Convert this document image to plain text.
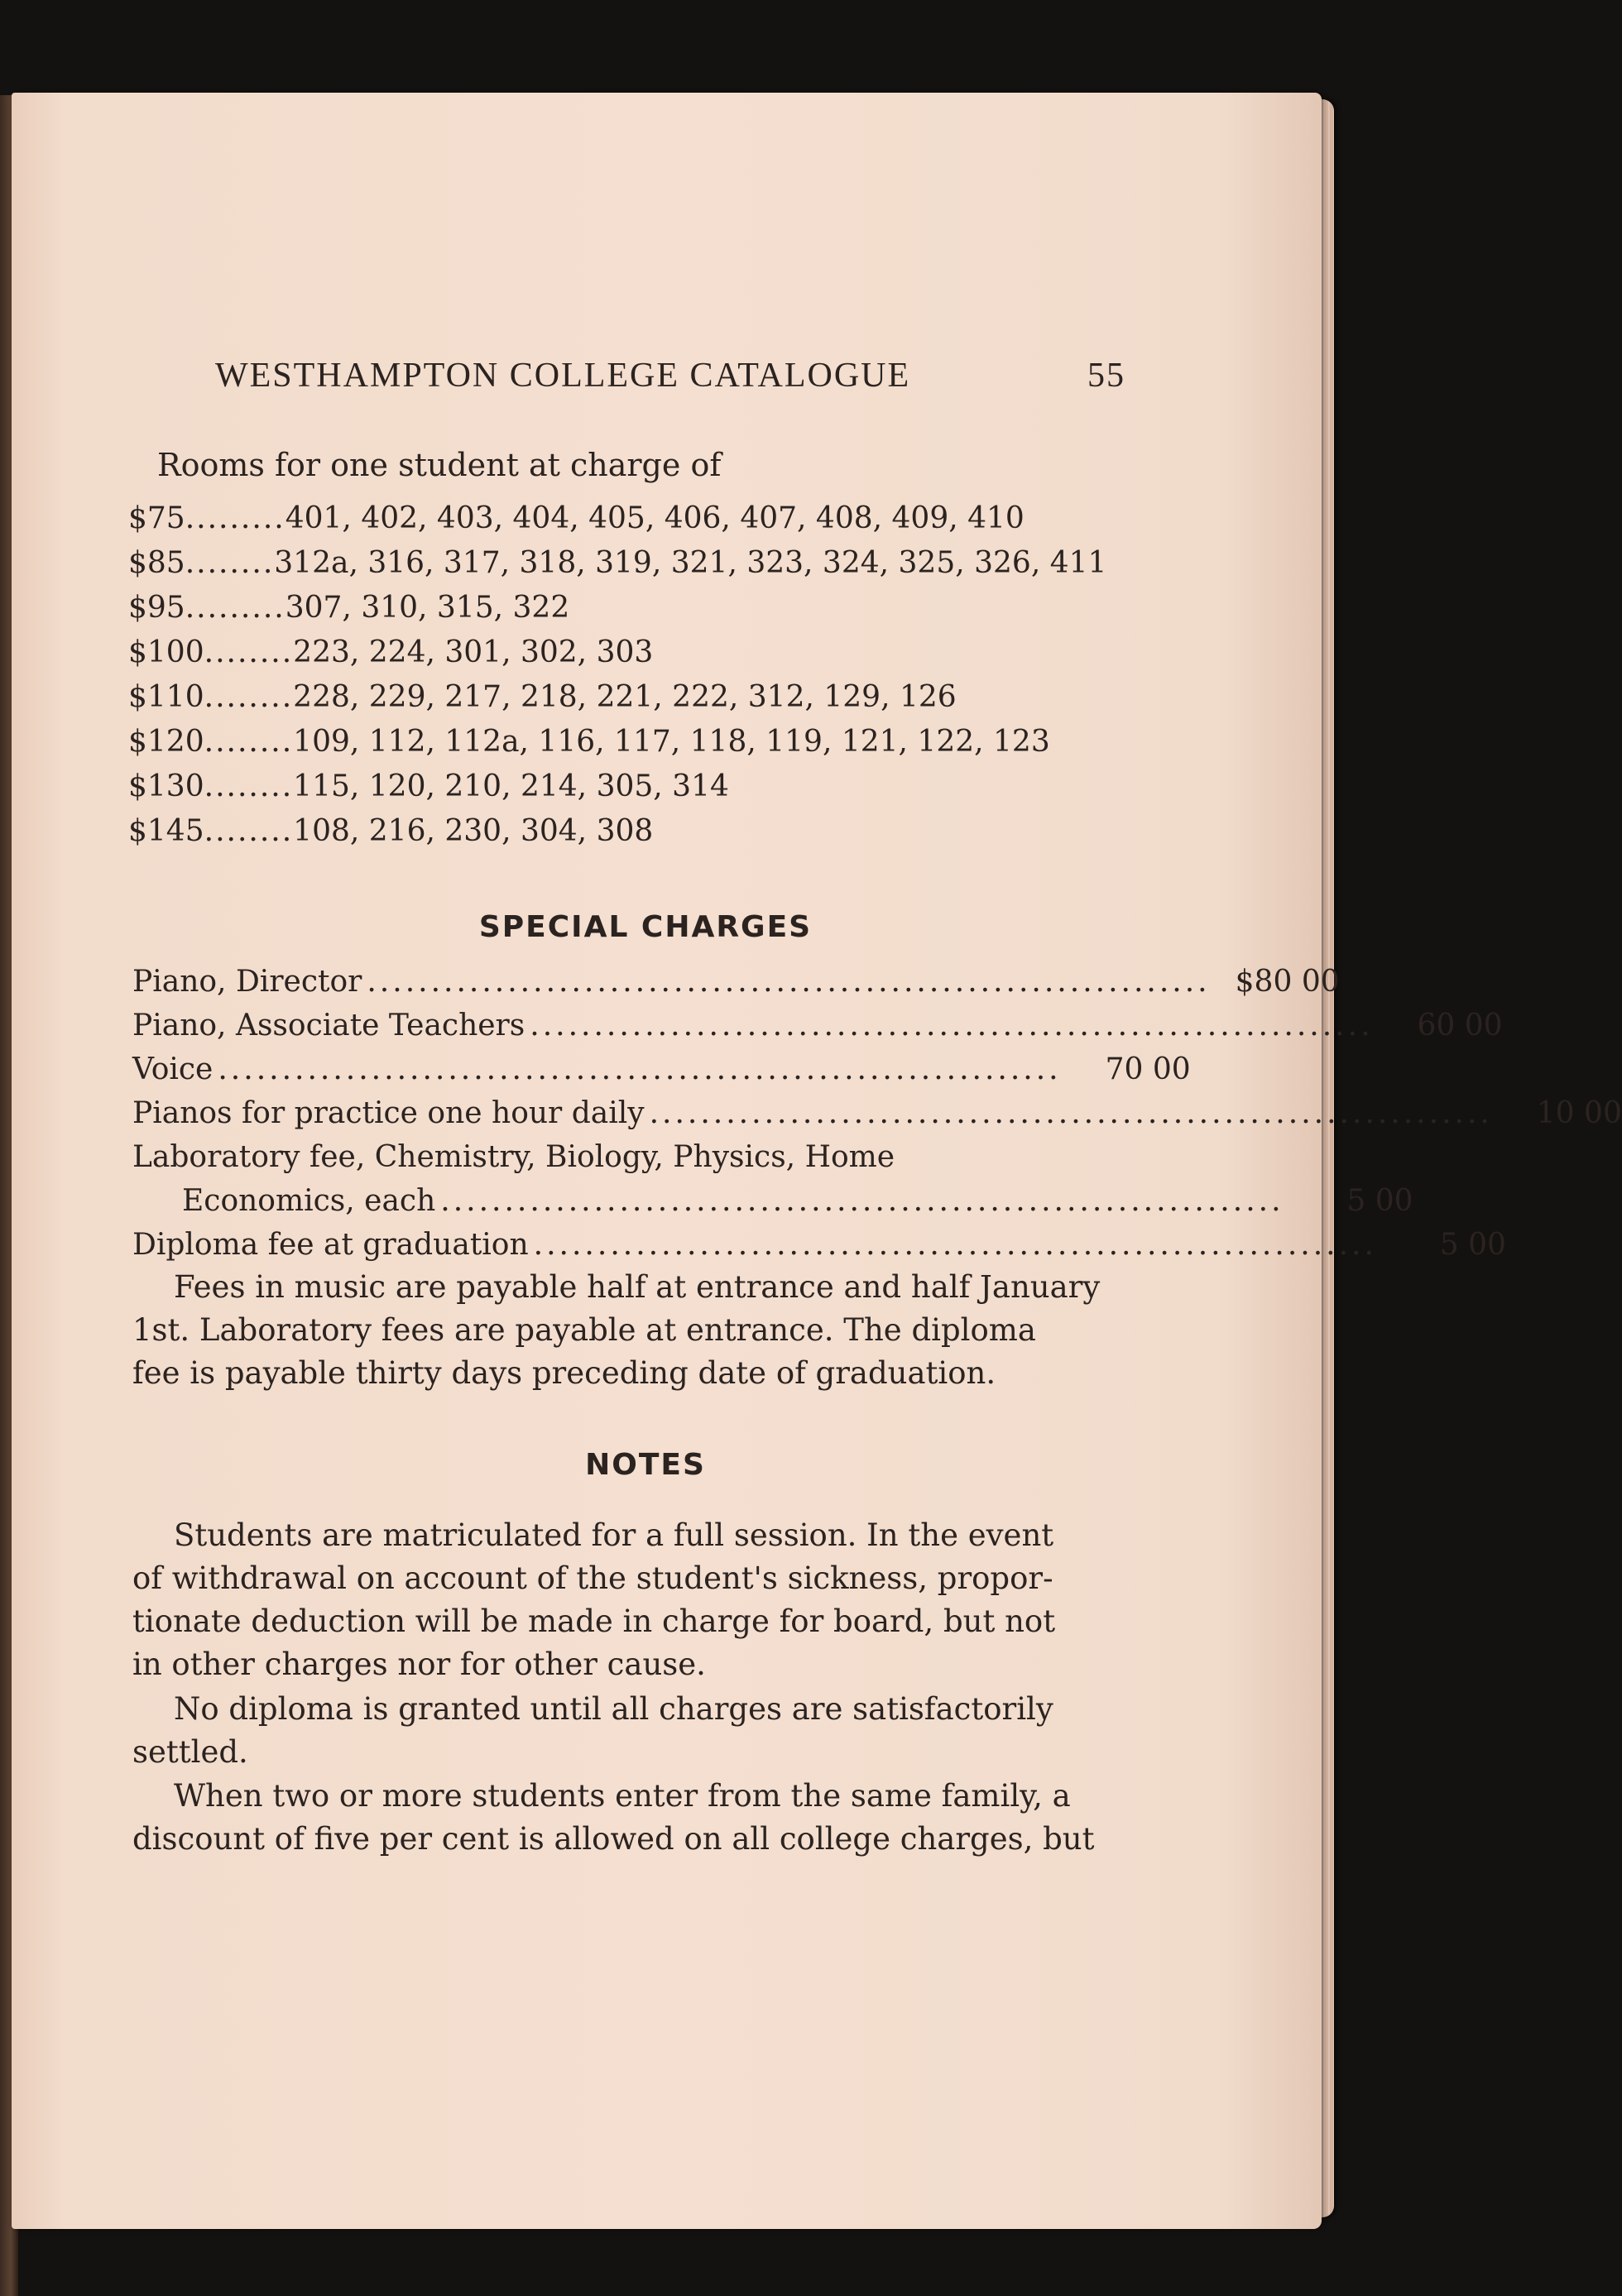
WESTHAMPTON COLLEGE CATALOGUE	55
Rooms for one student at charge of
$75 ......... 401, 402, 403, 404, 405, 406, 407, 408, 409, 410
$85 ........ 312a, 316, 317, 318, 319, 321, 323, 324, 325, 326, 411
$95 ......... 307, 310, 315, 322
$100 ........ 223, 224, 301, 302, 303
$110 ........ 228, 229, 217, 218, 221, 222, 312, 129, 126
$120 ........ 109, 112, 112a, 116, 117, 118, 119, 121, 122, 123
$130 ........ 115, 120, 210, 214, 305, 314
$145 ........ 108, 216, 230, 304, 308
SPECIAL CHARGES
Piano, Director .................................................................. $80 00
Piano, Associate Teachers ..................................................................	60 00
Voice ..................................................................	70 00
Pianos for practice one hour daily ..................................................................	10 00
Laboratory fee, Chemistry, Biology, Physics, Home
Economics, each ..................................................................	5 00
Diploma fee at graduation ..................................................................	5 00
Fees in music are payable half at entrance and half January
1st. Laboratory fees are payable at entrance. The diploma
fee is payable thirty days preceding date of graduation.
NOTES
Students are matriculated for a full session. In the event
of withdrawal on account of the student's sickness, propor-
tionate deduction will be made in charge for board, but not
in other charges nor for other cause.
No diploma is granted until all charges are satisfactorily
settled.
When two or more students enter from the same family, a
discount of five per cent is allowed on all college charges, but
